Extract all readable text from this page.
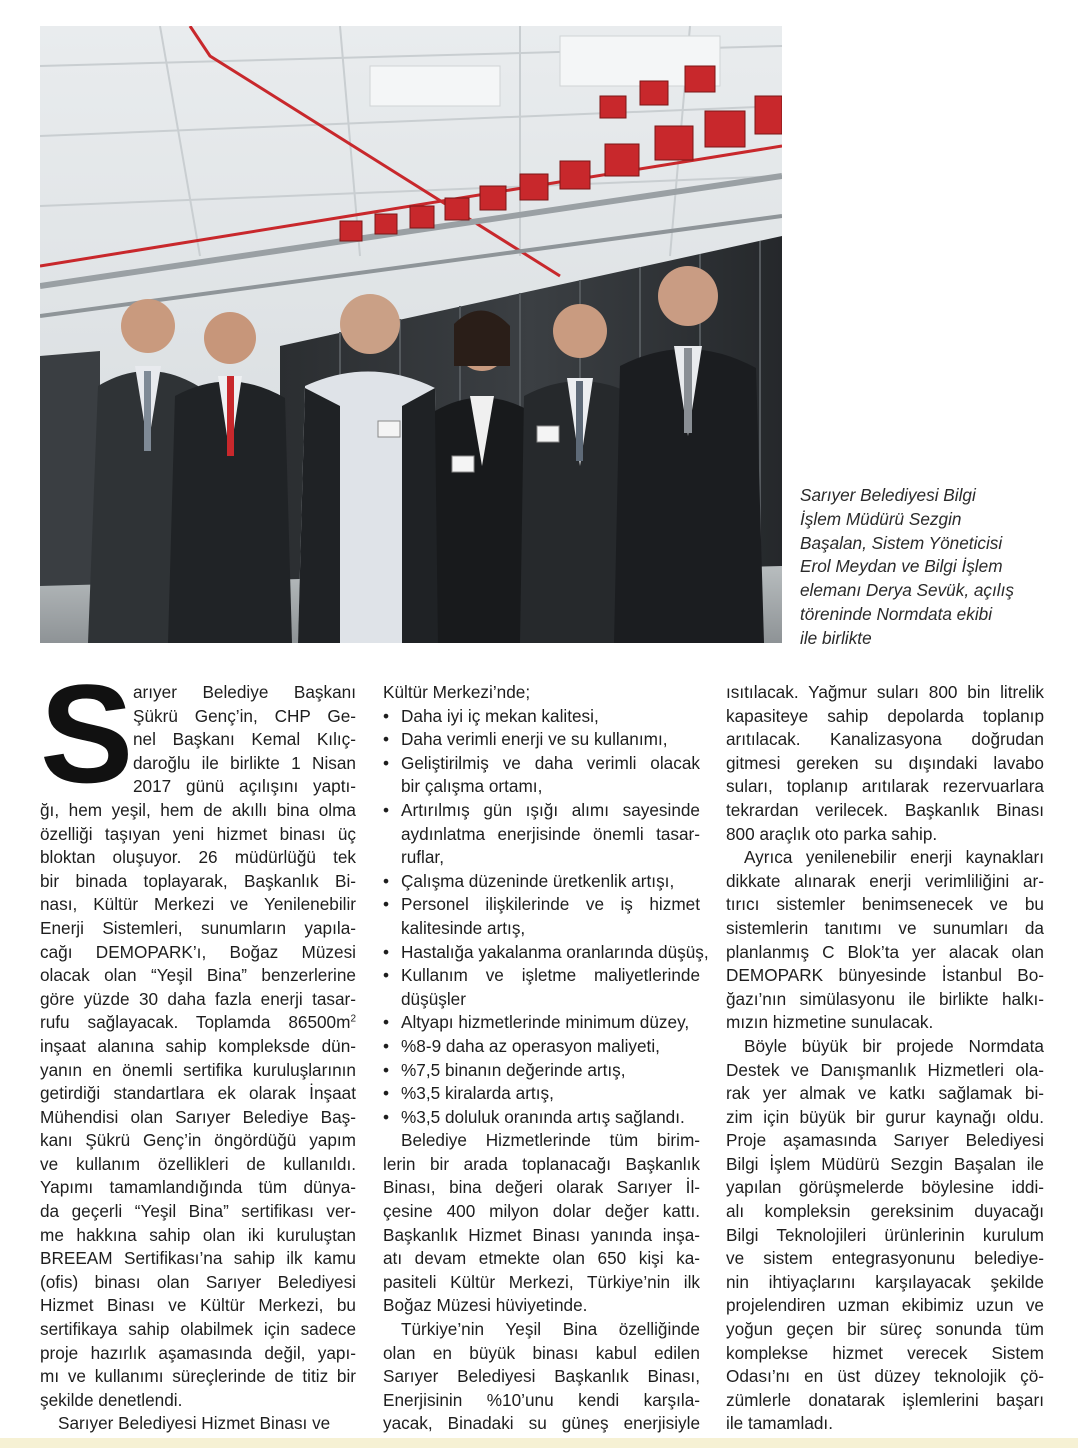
Sarıyer Belediyesi Bilgi
İşlem Müdürü Sezgin
Başalan, Sistem Yöneticisi
Erol Meydan ve Bilgi İşlem
elemanı Derya Sevük, açılış
töreninde Normdata ekibi
ile birlikte
S arıyer Belediye Başkanı
Şükrü Genç’in, CHP Ge-
nel Başkanı Kemal Kılıç-
daroğlu ile birlikte 1 Nisan
2017 günü açılışını yaptı-
ğı, hem yeşil, hem de akıllı bina olma
özelliği taşıyan yeni hizmet binası üç
bloktan oluşuyor. 26 müdürlüğü tek
bir binada toplayarak, Başkanlık Bi-
nası, Kültür Merkezi ve Yenilenebilir
Enerji Sistemleri, sunumların yapıla-
cağı DEMOPARK’ı, Boğaz Müzesi
olacak olan “Yeşil Bina” benzerlerine
göre yüzde 30 daha fazla enerji tasar-
rufu sağlayacak. Toplamda $86500m^2$
inşaat alanına sahip kompleksde dün-
yanın en önemli sertifika kuruluşlarının
getirdiği standartlara ek olarak İnşaat
Mühendisi olan Sarıyer Belediye Baş-
kanı Şükrü Genç’in öngördüğü yapım
ve kullanım özellikleri de kullanıldı.
Yapımı tamamlandığında tüm dünya-
da geçerli “Yeşil Bina” sertifikası ver-
me hakkına sahip olan iki kuruluştan
BREEAM Sertifikası’na sahip ilk kamu
(ofis) binası olan Sarıyer Belediyesi
Hizmet Binası ve Kültür Merkezi, bu
sertifikaya sahip olabilmek için sadece
proje hazırlık aşamasında değil, yapı-
mı ve kullanımı süreçlerinde de titiz bir
şekilde denetlendi.
Sarıyer Belediyesi Hizmet Binası ve
Kültür Merkezi’nde;
• Daha iyi iç mekan kalitesi,
• Daha verimli enerji ve su kullanımı,
• Geliştirilmiş ve daha verimli olacak
bir çalışma ortamı,
• Artırılmış gün ışığı alımı sayesinde
aydınlatma enerjisinde önemli tasar-
ruflar,
• Çalışma düzeninde üretkenlik artışı,
• Personel ilişkilerinde ve iş hizmet
kalitesinde artış,
• Hastalığa yakalanma oranlarında düşüş,
• Kullanım ve işletme maliyetlerinde
düşüşler
• Altyapı hizmetlerinde minimum düzey,
• %8-9 daha az operasyon maliyeti,
• %7,5 binanın değerinde artış,
• %3,5 kiralarda artış,
• %3,5 doluluk oranında artış sağlandı.
Belediye Hizmetlerinde tüm birim-
lerin bir arada toplanacağı Başkanlık
Binası, bina değeri olarak Sarıyer İl-
çesine 400 milyon dolar değer kattı.
Başkanlık Hizmet Binası yanında inşa-
atı devam etmekte olan 650 kişi ka-
pasiteli Kültür Merkezi, Türkiye’nin ilk
Boğaz Müzesi hüviyetinde.
Türkiye’nin Yeşil Bina özelliğinde
olan en büyük binası kabul edilen
Sarıyer Belediyesi Başkanlık Binası,
Enerjisinin %10’unu kendi karşıla-
yacak, Binadaki su güneş enerjisiyle
ısıtılacak. Yağmur suları 800 bin litrelik
kapasiteye sahip depolarda toplanıp
arıtılacak. Kanalizasyona doğrudan
gitmesi gereken su dışındaki lavabo
suları, toplanıp arıtılarak rezervuarlara
tekrardan verilecek. Başkanlık Binası
800 araçlık oto parka sahip.
Ayrıca yenilenebilir enerji kaynakları
dikkate alınarak enerji verimliliğini ar-
tırıcı sistemler benimsenecek ve bu
sistemlerin tanıtımı ve sunumları da
planlanmış C Blok’ta yer alacak olan
DEMOPARK bünyesinde İstanbul Bo-
ğazı’nın simülasyonu ile birlikte halkı-
mızın hizmetine sunulacak.
Böyle büyük bir projede Normdata
Destek ve Danışmanlık Hizmetleri ola-
rak yer almak ve katkı sağlamak bi-
zim için büyük bir gurur kaynağı oldu.
Proje aşamasında Sarıyer Belediyesi
Bilgi İşlem Müdürü Sezgin Başalan ile
yapılan görüşmelerde böylesine iddi-
alı kompleksin gereksinim duyacağı
Bilgi Teknolojileri ürünlerinin kurulum
ve sistem entegrasyonunu belediye-
nin ihtiyaçlarını karşılayacak şekilde
projelendiren uzman ekibimiz uzun ve
yoğun geçen bir süreç sonunda tüm
komplekse hizmet verecek Sistem
Odası’nı en üst düzey teknolojik çö-
zümlerle donatarak işlemlerini başarı
ile tamamladı.
